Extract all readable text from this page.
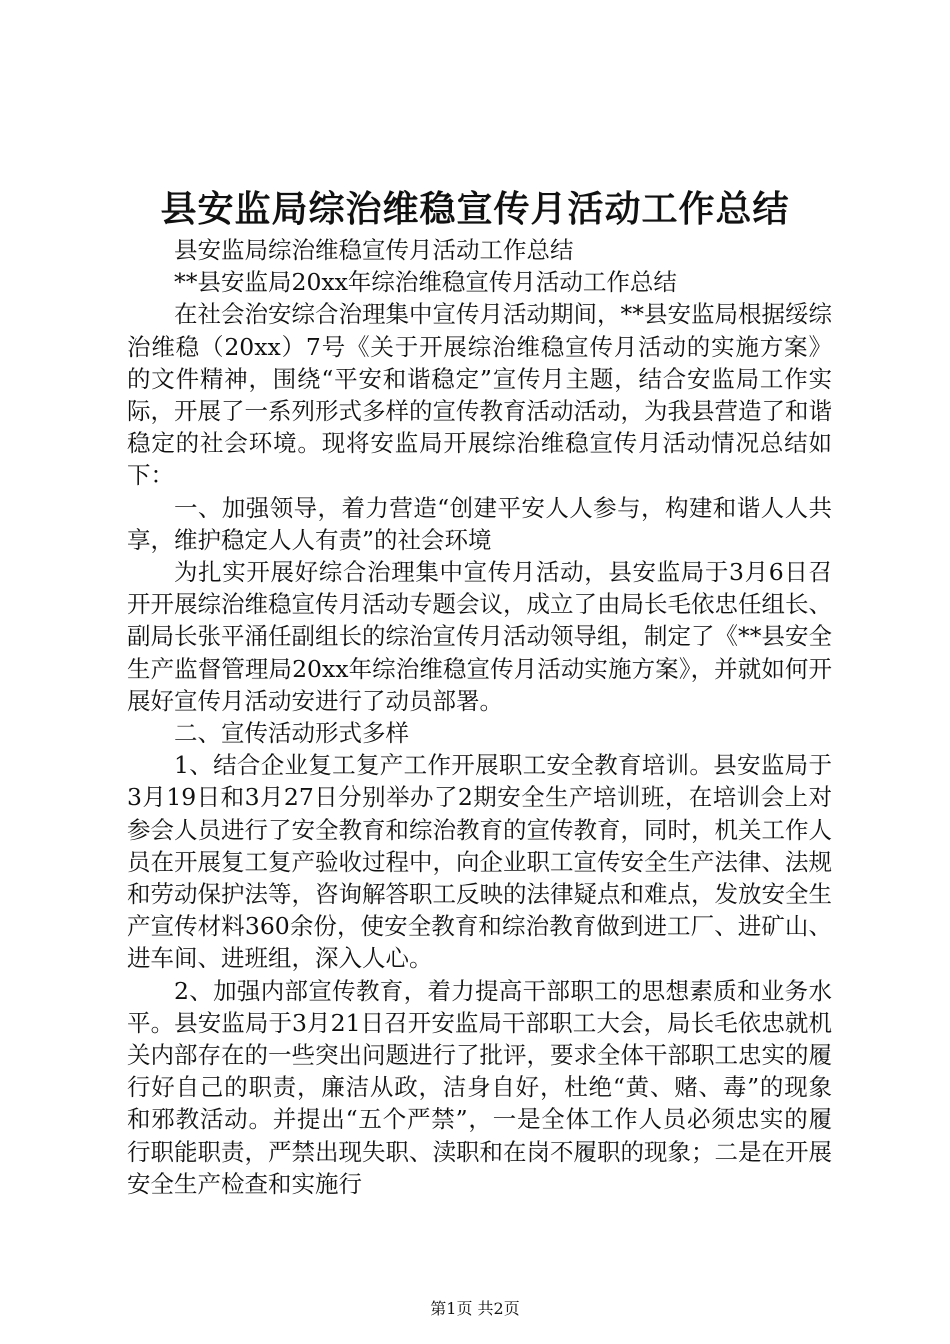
县安监局综治维稳宣传月活动工作总结

县安监局综治维稳宣传月活动工作总结

**县安监局20xx年综治维稳宣传月活动工作总结

在社会治安综合治理集中宣传月活动期间，**县安监局根据绥综治维稳（20xx）7号《关于开展综治维稳宣传月活动的实施方案》的文件精神，围绕“平安和谐稳定”宣传月主题，结合安监局工作实际，开展了一系列形式多样的宣传教育活动活动，为我县营造了和谐稳定的社会环境。现将安监局开展综治维稳宣传月活动情况总结如下：

一、加强领导，着力营造“创建平安人人参与，构建和谐人人共享，维护稳定人人有责”的社会环境

为扎实开展好综合治理集中宣传月活动，县安监局于3月6日召开开展综治维稳宣传月活动专题会议，成立了由局长毛依忠任组长、副局长张平涌任副组长的综治宣传月活动领导组，制定了《**县安全生产监督管理局20xx年综治维稳宣传月活动实施方案》，并就如何开展好宣传月活动安进行了动员部署。

二、宣传活动形式多样

1、结合企业复工复产工作开展职工安全教育培训。县安监局于3月19日和3月27日分别举办了2期安全生产培训班，在培训会上对参会人员进行了安全教育和综治教育的宣传教育，同时，机关工作人员在开展复工复产验收过程中，向企业职工宣传安全生产法律、法规和劳动保护法等，咨询解答职工反映的法律疑点和难点，发放安全生产宣传材料360余份，使安全教育和综治教育做到进工厂、进矿山、进车间、进班组，深入人心。

2、加强内部宣传教育，着力提高干部职工的思想素质和业务水平。县安监局于3月21日召开安监局干部职工大会，局长毛依忠就机关内部存在的一些突出问题进行了批评，要求全体干部职工忠实的履行好自己的职责，廉洁从政，洁身自好，杜绝“黄、赌、毒”的现象和邪教活动。并提出“五个严禁”，一是全体工作人员必须忠实的履行职能职责，严禁出现失职、渎职和在岗不履职的现象；二是在开展安全生产检查和实施行

第1页 共2页
